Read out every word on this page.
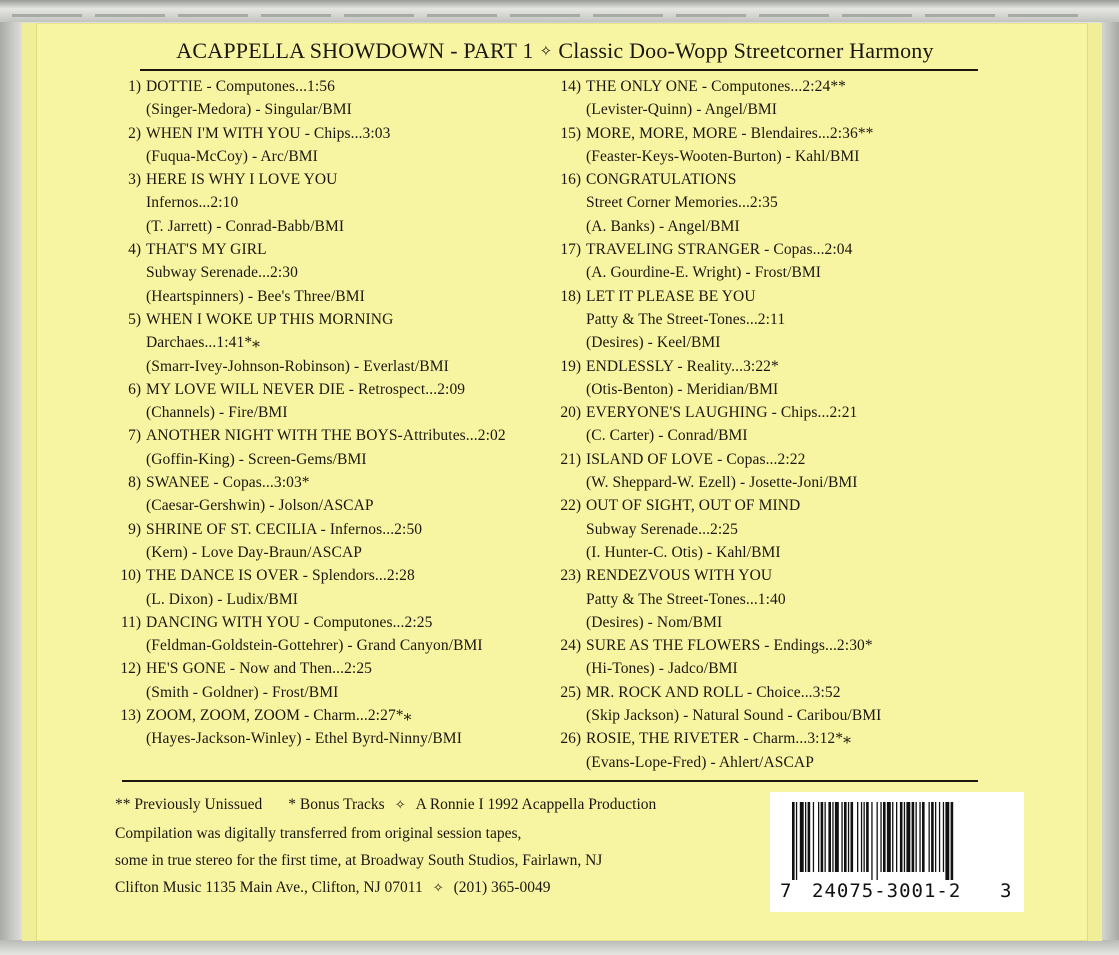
ACAPPELLA SHOWDOWN - PART 1 ✧ Classic Doo-Wopp Streetcorner Harmony
1) DOTTIE - Computones...1:56
(Singer-Medora) - Singular/BMI
2) WHEN I'M WITH YOU - Chips...3:03
(Fuqua-McCoy) - Arc/BMI
3) HERE IS WHY I LOVE YOU
Infernos...2:10
(T. Jarrett) - Conrad-Babb/BMI
4) THAT'S MY GIRL
Subway Serenade...2:30
(Heartspinners) - Bee's Three/BMI
5) WHEN I WOKE UP THIS MORNING
Darchaes...1:41*⁎
(Smarr-Ivey-Johnson-Robinson) - Everlast/BMI
6) MY LOVE WILL NEVER DIE - Retrospect...2:09
(Channels) - Fire/BMI
7) ANOTHER NIGHT WITH THE BOYS-Attributes...2:02
(Goffin-King) - Screen-Gems/BMI
8) SWANEE - Copas...3:03*
(Caesar-Gershwin) - Jolson/ASCAP
9) SHRINE OF ST. CECILIA - Infernos...2:50
(Kern) - Love Day-Braun/ASCAP
10) THE DANCE IS OVER - Splendors...2:28
(L. Dixon) - Ludix/BMI
11) DANCING WITH YOU - Computones...2:25
(Feldman-Goldstein-Gottehrer) - Grand Canyon/BMI
12) HE'S GONE - Now and Then...2:25
(Smith - Goldner) - Frost/BMI
13) ZOOM, ZOOM, ZOOM - Charm...2:27*⁎
(Hayes-Jackson-Winley) - Ethel Byrd-Ninny/BMI
14) THE ONLY ONE - Computones...2:24**
(Levister-Quinn) - Angel/BMI
15) MORE, MORE, MORE - Blendaires...2:36**
(Feaster-Keys-Wooten-Burton) - Kahl/BMI
16) CONGRATULATIONS
Street Corner Memories...2:35
(A. Banks) - Angel/BMI
17) TRAVELING STRANGER - Copas...2:04
(A. Gourdine-E. Wright) - Frost/BMI
18) LET IT PLEASE BE YOU
Patty & The Street-Tones...2:11
(Desires) - Keel/BMI
19) ENDLESSLY - Reality...3:22*
(Otis-Benton) - Meridian/BMI
20) EVERYONE'S LAUGHING - Chips...2:21
(C. Carter) - Conrad/BMI
21) ISLAND OF LOVE - Copas...2:22
(W. Sheppard-W. Ezell) - Josette-Joni/BMI
22) OUT OF SIGHT, OUT OF MIND
Subway Serenade...2:25
(I. Hunter-C. Otis) - Kahl/BMI
23) RENDEZVOUS WITH YOU
Patty & The Street-Tones...1:40
(Desires) - Nom/BMI
24) SURE AS THE FLOWERS - Endings...2:30*
(Hi-Tones) - Jadco/BMI
25) MR. ROCK AND ROLL - Choice...3:52
(Skip Jackson) - Natural Sound - Caribou/BMI
26) ROSIE, THE RIVETER - Charm...3:12*⁎
(Evans-Lope-Fred) - Ahlert/ASCAP
** Previously Unissued * Bonus Tracks ✧ A Ronnie I 1992 Acappella Production
Compilation was digitally transferred from original session tapes,
some in true stereo for the first time, at Broadway South Studios, Fairlawn, NJ
Clifton Music 1135 Main Ave., Clifton, NJ 07011 ✧ (201) 365-0049	7 24075-3001-2 3
